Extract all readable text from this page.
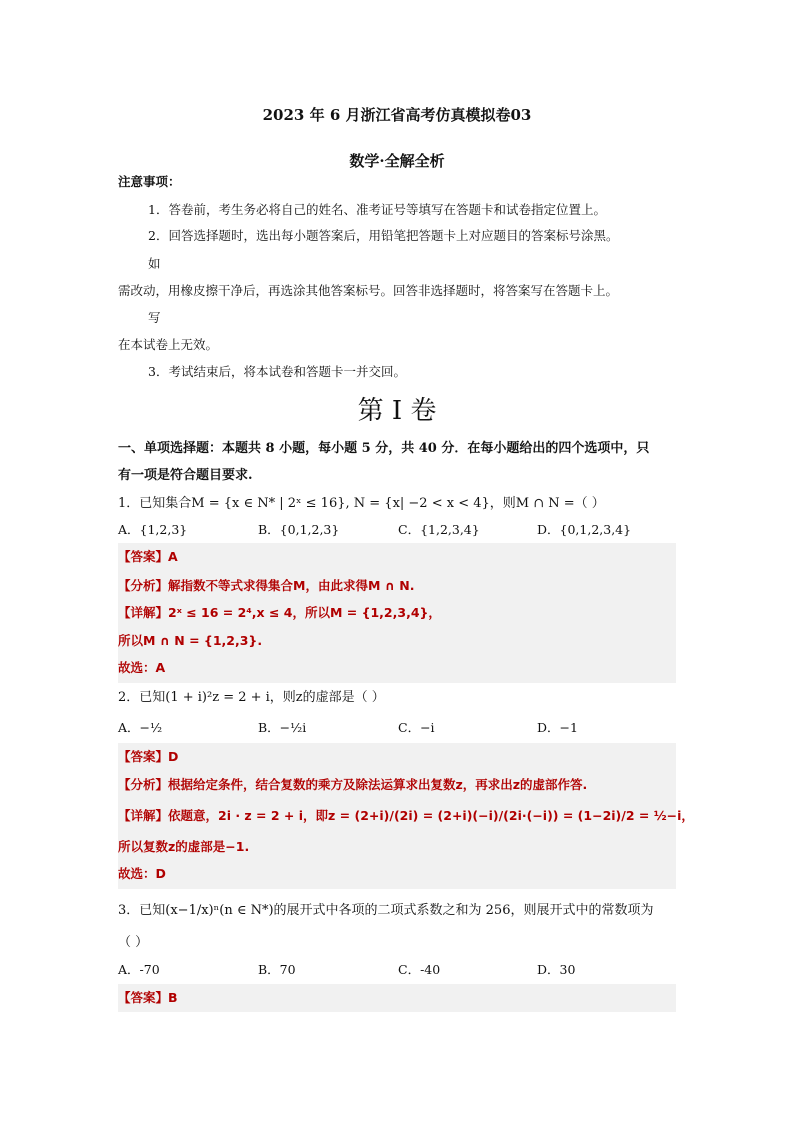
2023 年 6 月浙江省高考仿真模拟卷03
数学·全解全析
注意事项：
1．答卷前，考生务必将自己的姓名、准考证号等填写在答题卡和试卷指定位置上。
2．回答选择题时，选出每小题答案后，用铅笔把答题卡上对应题目的答案标号涂黑。
如
需改动，用橡皮擦干净后，再选涂其他答案标号。回答非选择题时，将答案写在答题卡上。
写
在本试卷上无效。
3．考试结束后，将本试卷和答题卡一并交回。
第 I 卷
一、单项选择题：本题共 8 小题，每小题 5 分，共 40 分．在每小题给出的四个选项中，只
有一项是符合题目要求.
1．已知集合M = {x ∈ N* | 2ˣ ≤ 16}, N = {x| −2 < x < 4}，则M ∩ N =（ ）
A．{1,2,3}	B．{0,1,2,3}	C．{1,2,3,4}	D．{0,1,2,3,4}
【答案】A
【分析】解指数不等式求得集合M，由此求得M ∩ N.
【详解】2ˣ ≤ 16 = 2⁴,x ≤ 4，所以M = {1,2,3,4}，
所以M ∩ N = {1,2,3}.
故选：A
2．已知(1 + i)²z = 2 + i，则z的虚部是（ ）
A．−½	B．−½i	C．−i	D．−1
【答案】D
【分析】根据给定条件，结合复数的乘方及除法运算求出复数z，再求出z的虚部作答.
【详解】依题意，2i · z = 2 + i，即z = (2+i)/(2i) = (2+i)(−i)/(2i·(−i)) = (1−2i)/2 = ½−i，
所以复数z的虚部是−1.
故选：D
3．已知(x−1/x)ⁿ(n ∈ N*)的展开式中各项的二项式系数之和为 256，则展开式中的常数项为
（ ）
A．-70	B．70	C．-40	D．30
【答案】B
